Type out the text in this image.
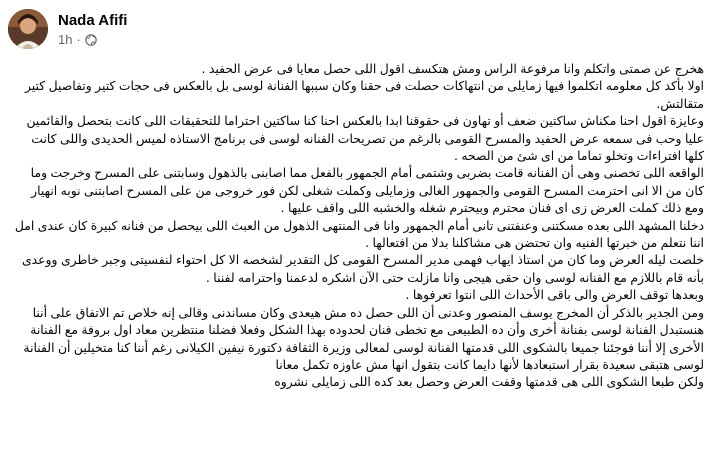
Nada Afifi
1h ·

هخرج عن صمتى واتكلم وانا مرفوعة الراس ومش هتكسف اقول اللى حصل معايا فى عرض الحفيد .

اولا بأكد كل معلومه اتكلموا فيها زمايلى من انتهاكات حصلت فى حقنا وكان سببها الفنانة لوسى بل بالعكس فى حجات كتير وتفاصيل كتير متقالتش.

وعايزة اقول احنا مكناش ساكتين ضعف أو تهاون فى حقوقنا ابدا بالعكس احنا كنا ساكتين احتراما للتحقيقات اللى كانت بتحصل والقائمين عليا وحب فى سمعه عرض الحفيد والمسرح القومى بالرغم من تصريحات الفنانه لوسى فى برنامج الاستاذه لميس الحديدى واللى كانت كلها افتراءات وتخلو تماما من اى شئ من الصحه .

الواقعه اللى تخصنى وهى أن الفنانه قامت بضربى وشتمى أمام الجمهور بالفعل مما اصابنى بالذهول وسابتنى على المسرح وخرجت وما كان من الا انى احترمت المسرح القومى والجمهور الغالى وزمايلى وكملت شغلى لكن فور خروجى من على المسرح اصابتنى نوبه انهيار ومع ذلك كملت العرض زى اى فنان محترم وبيحترم شغله والخشبه اللى واقف عليها .

دخلنا المشهد اللى بعده مسكتنى وعنفتنى تانى أمام الجمهور وانا فى المنتهى الذهول من العبث اللى بيحصل من فنانه كبيرة كان عندى امل اننا نتعلم من خبرتها الفنيه وان تحتضن هى مشاكلنا بدلا من افتعالها .

خلصت ليله العرض وما كان من استاذ ايهاب فهمى مدير المسرح القومى كل التقدير لشخصه الا كل احتواء لنفسيتى وجبر خاطرى ووعدى بأنه قام باللازم مع الفنانه لوسى وان حقى هيجى وانا مازلت حتى الآن اشكره لدعمنا واحترامه لفننا .

وبعدها توقف العرض والى باقى الأحداث اللى انتوا تعرفوها .

ومن الجدير بالذكر أن المخرج يوسف المنصور وعدنى أن اللى حصل ده مش هيعدى وكان مساندنى وقالى إنه خلاص تم الاتفاق على أننا هنستبدل الفنانة لوسى بفنانة أخرى وأن ده الطبيعى مع تخطى فنان لحدوده بهذا الشكل وفعلا فضلنا منتظرين معاد اول بروفة مع الفنانة الأخرى إلا أننا فوجئنا جميعا بالشكوى اللى قدمتها الفنانة لوسى لمعالى وزيرة الثقافة دكتورة نيفين الكيلانى رغم أننا كنا متخيلين أن الفنانة لوسى هتبقى سعيدة بقرار استبعادها لأنها دايما كانت بتقول انها مش عاوزه تكمل معانا

ولكن طبعا الشكوى اللى هى قدمتها وقفت العرض وحصل بعد كده اللى زمايلى نشروه
